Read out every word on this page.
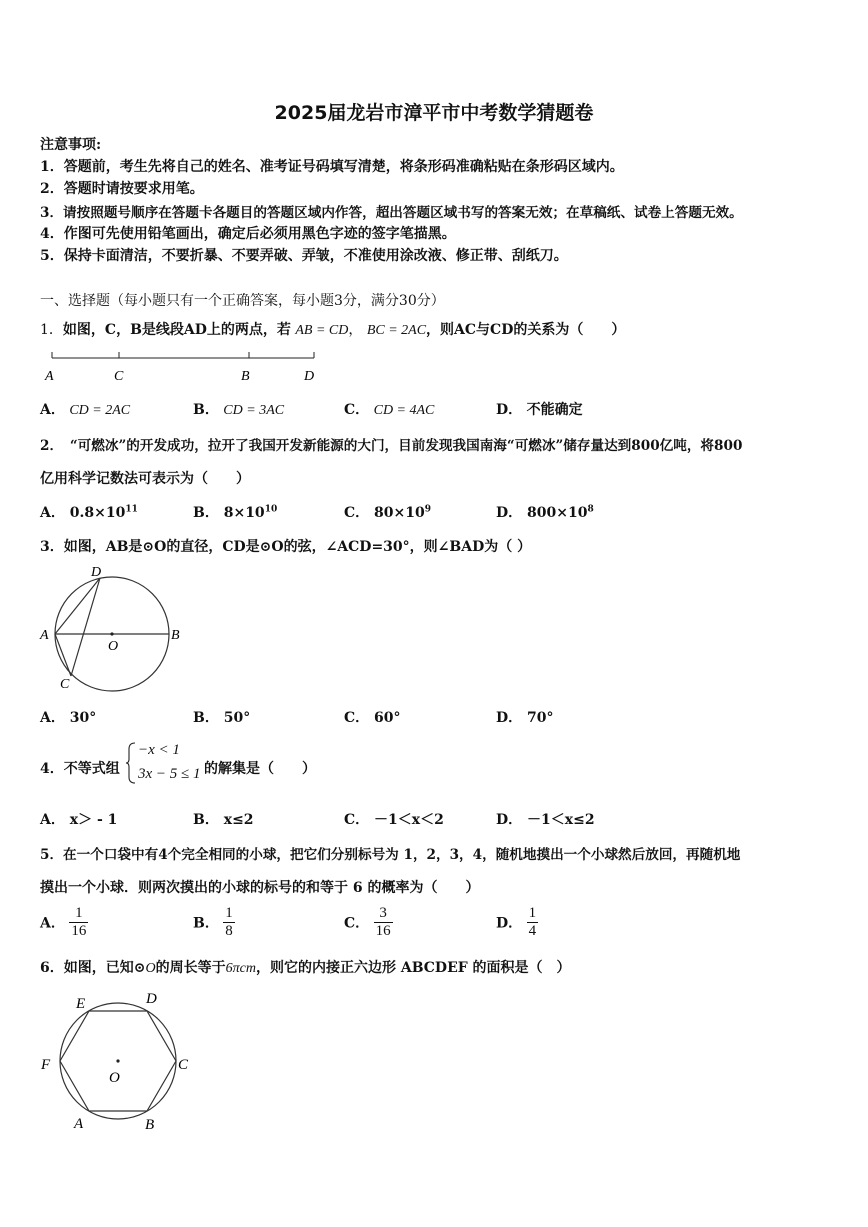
2025届龙岩市漳平市中考数学猜题卷
注意事项:
1．答题前，考生先将自己的姓名、准考证号码填写清楚，将条形码准确粘贴在条形码区域内。
2．答题时请按要求用笔。
3．请按照题号顺序在答题卡各题目的答题区域内作答，超出答题区域书写的答案无效；在草稿纸、试卷上答题无效。
4．作图可先使用铅笔画出，确定后必须用黑色字迹的签字笔描黑。
5．保持卡面清洁，不要折暴、不要弄破、弄皱，不准使用涂改液、修正带、刮纸刀。
一、选择题（每小题只有一个正确答案，每小题3分，满分30分）
1．如图，C，B是线段AD上的两点，若 AB = CD， BC = 2AC，则AC与CD的关系为（　　）
A	C	B	D
A． CD = 2AC	B． CD = 3AC	C． CD = 4AC	D． 不能确定
2．　“可燃冰”的开发成功，拉开了我国开发新能源的大门，目前发现我国南海“可燃冰”储存量达到800亿吨，将800
亿用科学记数法可表示为（　　）
A． $0.8\times 10^{11}$	B． $8\times 10^{10}$	C． $80\times 10^9$	D． $800\times 10^8$
3．如图，AB是⊙O的直径，CD是⊙O的弦，∠ACD=30°，则∠BAD为（ ）
D
A
O
B
C
A． 30°	B． 50°	C． 60°	D． 70°
4．不等式组
−x < 1
3x − 5 ≤ 1 的解集是（　　）
A． x＞ - 1	B． x≤2	C． －1＜x＜2	D． －1＜x≤2
5．在一个口袋中有4个完全相同的小球，把它们分别标号为 1，2，3，4，随机地摸出一个小球然后放回，再随机地
摸出一个小球．则两次摸出的小球的标号的和等于 6 的概率为（　　）
A． $\frac{1}{16}$	B． $\frac{1}{8}$	C． $\frac{3}{16}$	D． $\frac{1}{4}$
6．如图，已知⊙O的周长等于6πcm，则它的内接正六边形 ABCDEF 的面积是（　）
E	D
F
O
C
A	B
